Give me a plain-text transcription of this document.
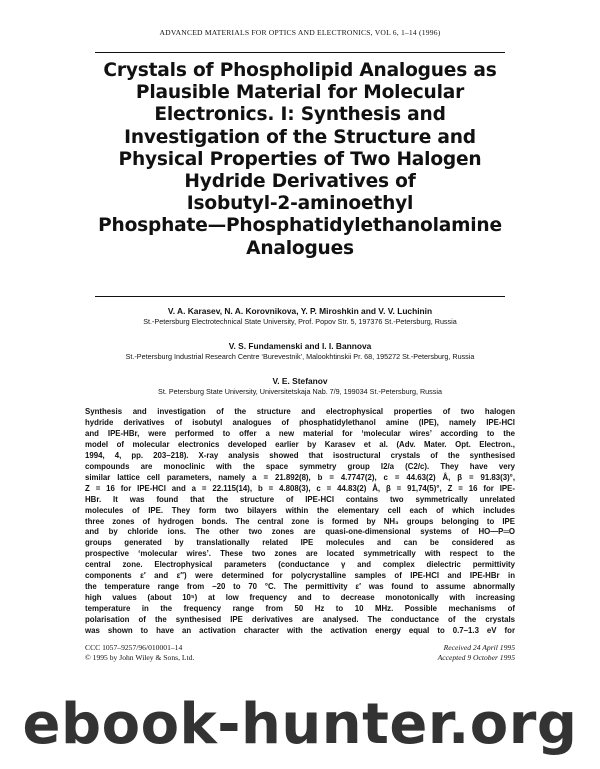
ADVANCED MATERIALS FOR OPTICS AND ELECTRONICS, VOL 6, 1–14 (1996)
Crystals of Phospholipid Analogues as
Plausible Material for Molecular
Electronics. I: Synthesis and
Investigation of the Structure and
Physical Properties of Two Halogen
Hydride Derivatives of
Isobutyl-2-aminoethyl
Phosphate—Phosphatidylethanolamine
Analogues
V. A. Karasev, N. A. Korovnikova, Y. P. Miroshkin and V. V. Luchinin
St.-Petersburg Electrotechnical State University, Prof. Popov Str. 5, 197376 St.-Petersburg, Russia
V. S. Fundamenski and I. I. Bannova
St.-Petersburg Industrial Research Centre ‘Burevestnik’, Malookhtinskii Pr. 68, 195272 St.-Petersburg, Russia
V. E. Stefanov
St. Petersburg State University, Universitetskaja Nab. 7/9, 199034 St.-Petersburg, Russia
Synthesis and investigation of the structure and electrophysical properties of two halogen
hydride derivatives of isobutyl analogues of phosphatidylethanol amine (IPE), namely IPE-HCl
and IPE-HBr, were performed to offer a new material for ‘molecular wires’ according to the
model of molecular electronics developed earlier by Karasev et al. (Adv. Mater. Opt. Electron.,
1994, 4, pp. 203–218). X-ray analysis showed that isostructural crystals of the synthesised
compounds are monoclinic with the space symmetry group I2/a (C2/c). They have very
similar lattice cell parameters, namely a = 21.892(8), b = 4.7747(2), c = 44.63(2) Å, β = 91.83(3)°,
Z = 16 for IPE-HCl and a = 22.115(14), b = 4.808(3), c = 44.83(2) Å, β = 91,74(5)°, Z = 16 for IPE-
HBr. It was found that the structure of IPE-HCl contains two symmetrically unrelated
molecules of IPE. They form two bilayers within the elementary cell each of which includes
three zones of hydrogen bonds. The central zone is formed by NH₃ groups belonging to IPE
and by chloride ions. The other two zones are quasi-one-dimensional systems of HO—P═O
groups generated by translationally related IPE molecules and can be considered as
prospective ‘molecular wires’. These two zones are located symmetrically with respect to the
central zone. Electrophysical parameters (conductance γ and complex dielectric permittivity
components ε′ and ε″) were determined for polycrystalline samples of IPE-HCl and IPE-HBr in
the temperature range from −20 to 70 °C. The permittivity ε′ was found to assume abnormally
high values (about 10⁵) at low frequency and to decrease monotonically with increasing
temperature in the frequency range from 50 Hz to 10 MHz. Possible mechanisms of
polarisation of the synthesised IPE derivatives are analysed. The conductance of the crystals
was shown to have an activation character with the activation energy equal to 0.7–1.3 eV for
CCC 1057–9257/96/010001–14
© 1995 by John Wiley & Sons, Ltd.
Received 24 April 1995
Accepted 9 October 1995
ebook-hunter.org
